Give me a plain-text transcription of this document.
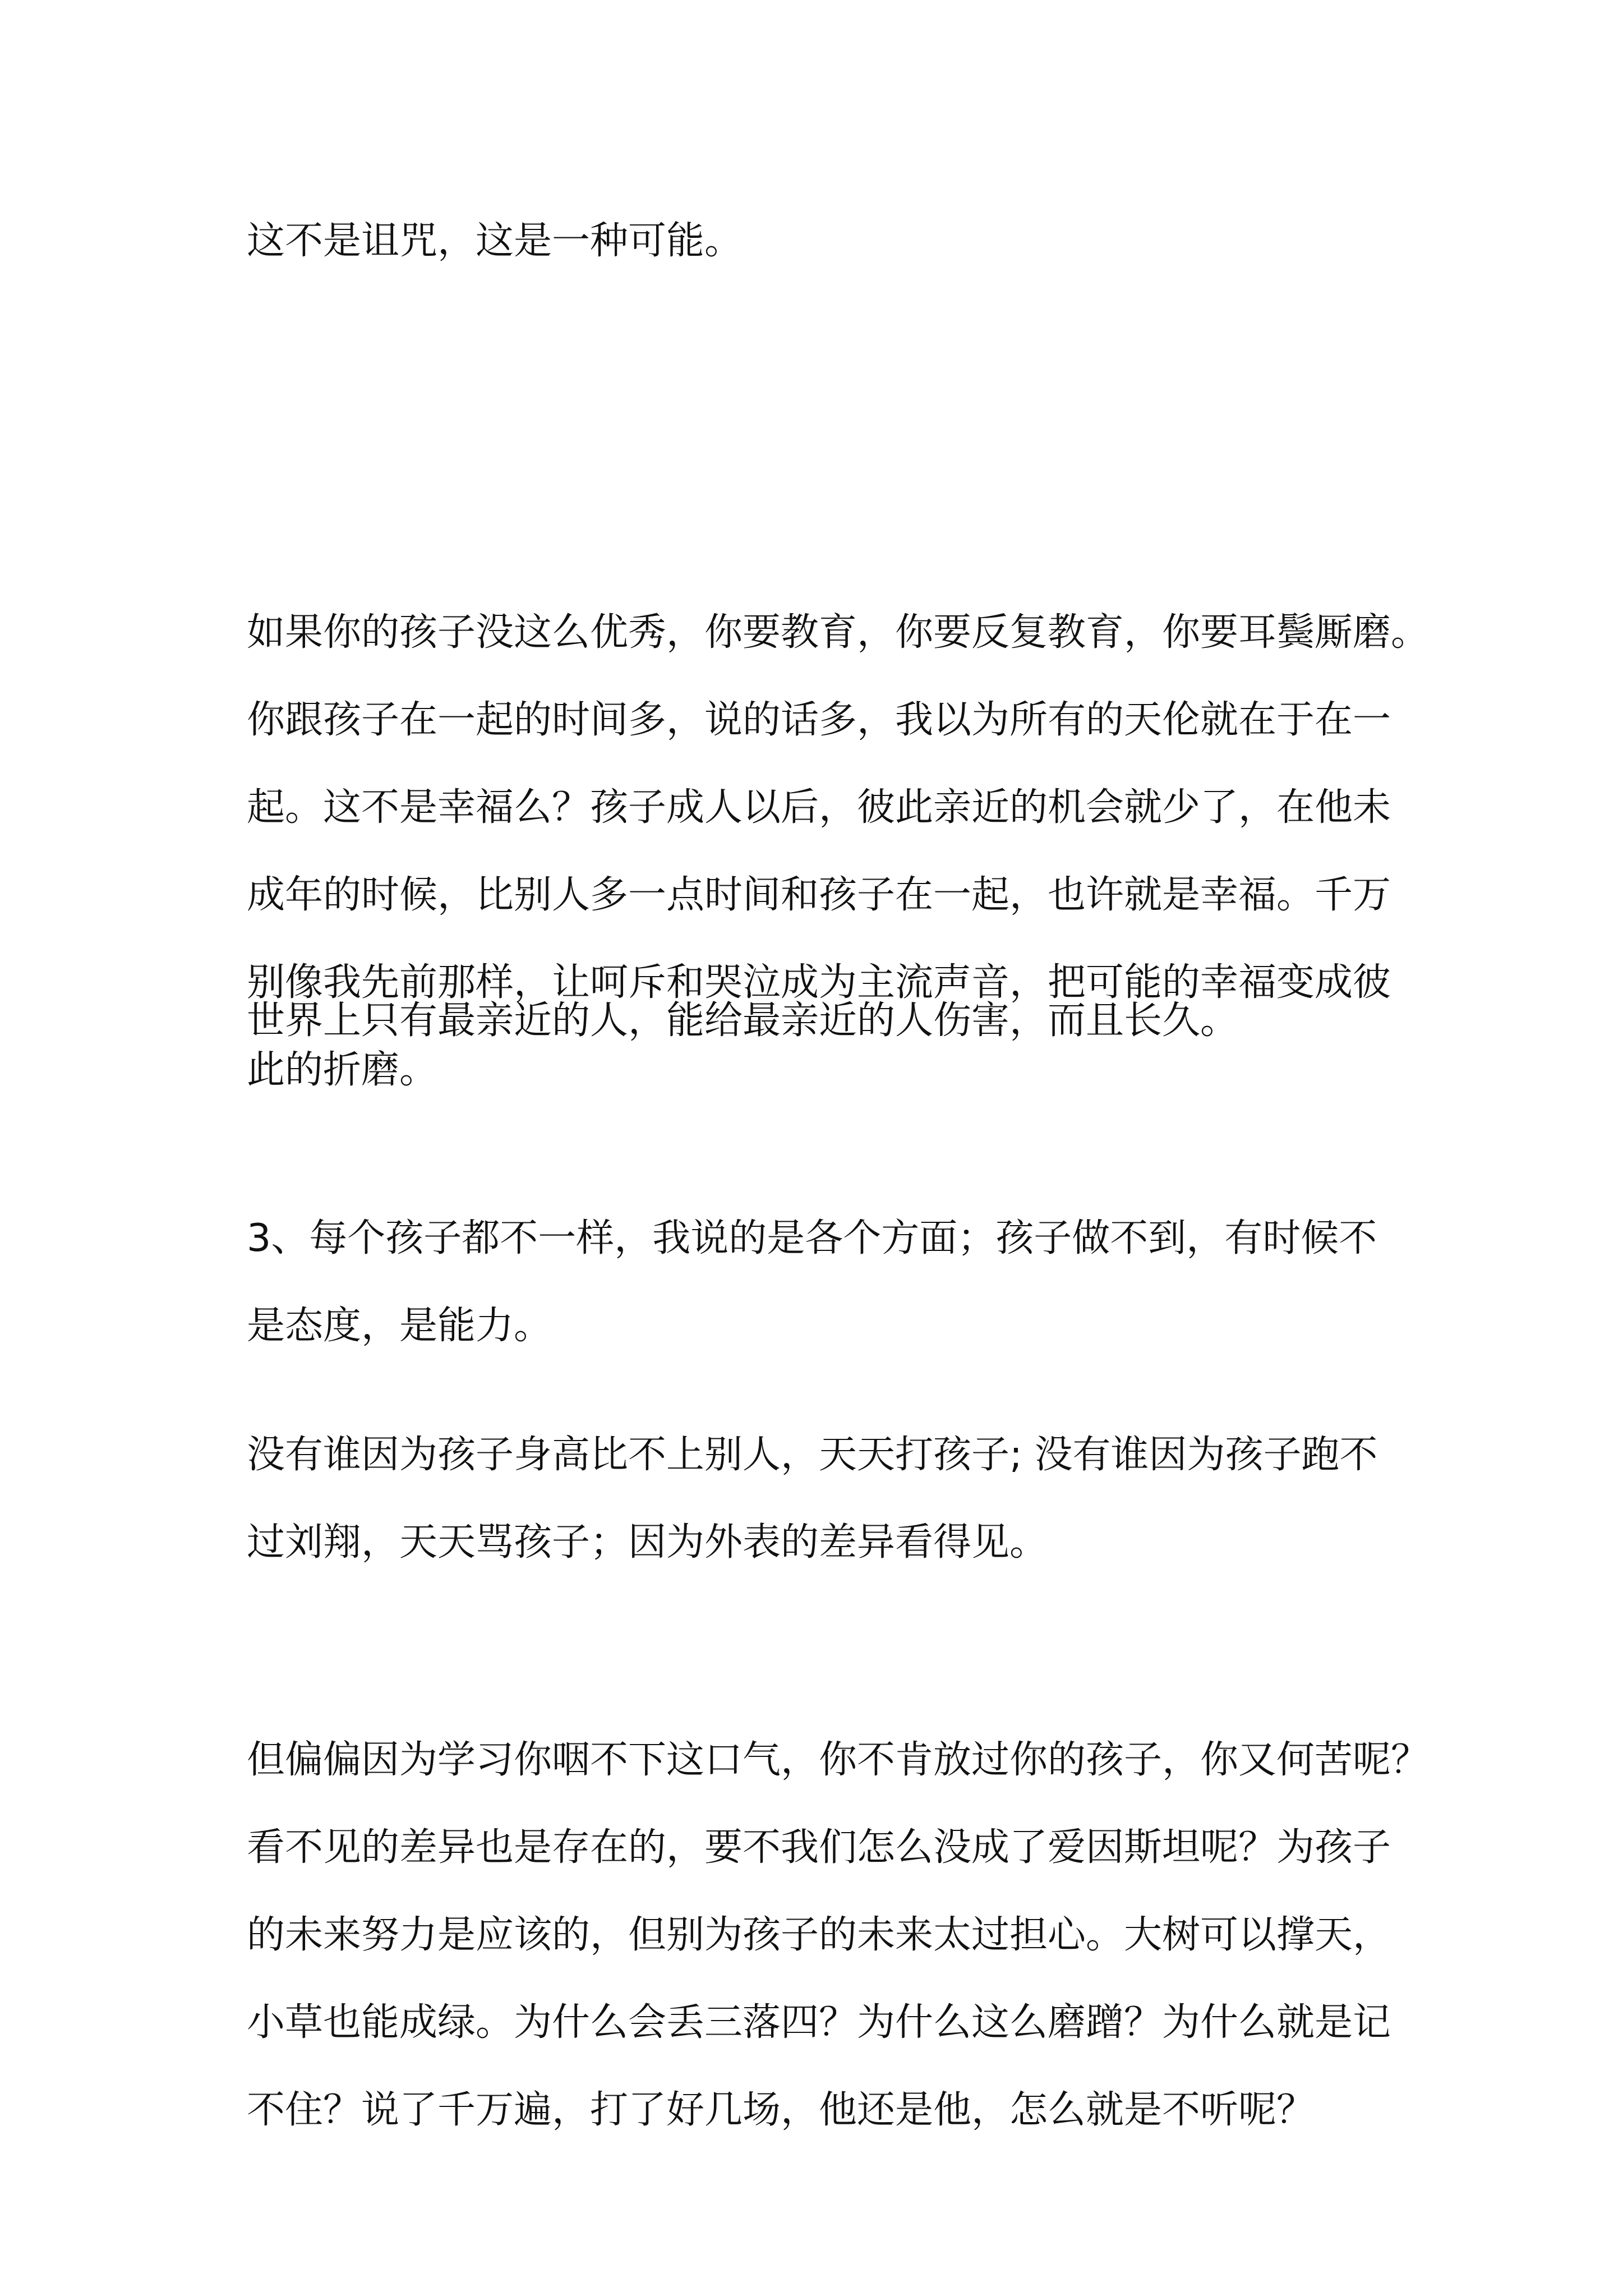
这不是诅咒，这是一种可能。
如果你的孩子没这么优秀，你要教育，你要反复教育，你要耳鬓厮磨。
你跟孩子在一起的时间多，说的话多，我以为所有的天伦就在于在一
起。这不是幸福么？孩子成人以后，彼此亲近的机会就少了，在他未
成年的时候，比别人多一点时间和孩子在一起，也许就是幸福。千万
别像我先前那样，让呵斥和哭泣成为主流声音，把可能的幸福变成彼
此的折磨。
世界上只有最亲近的人，能给最亲近的人伤害，而且长久。
3、每个孩子都不一样，我说的是各个方面；孩子做不到，有时候不
是态度，是能力。
没有谁因为孩子身高比不上别人，天天打孩子; 没有谁因为孩子跑不
过刘翔，天天骂孩子；因为外表的差异看得见。
但偏偏因为学习你咽不下这口气，你不肯放过你的孩子，你又何苦呢？
看不见的差异也是存在的，要不我们怎么没成了爱因斯坦呢？为孩子
的未来努力是应该的，但别为孩子的未来太过担心。大树可以撑天，
小草也能成绿。为什么会丢三落四？为什么这么磨蹭？为什么就是记
不住？说了千万遍，打了好几场，他还是他，怎么就是不听呢？
